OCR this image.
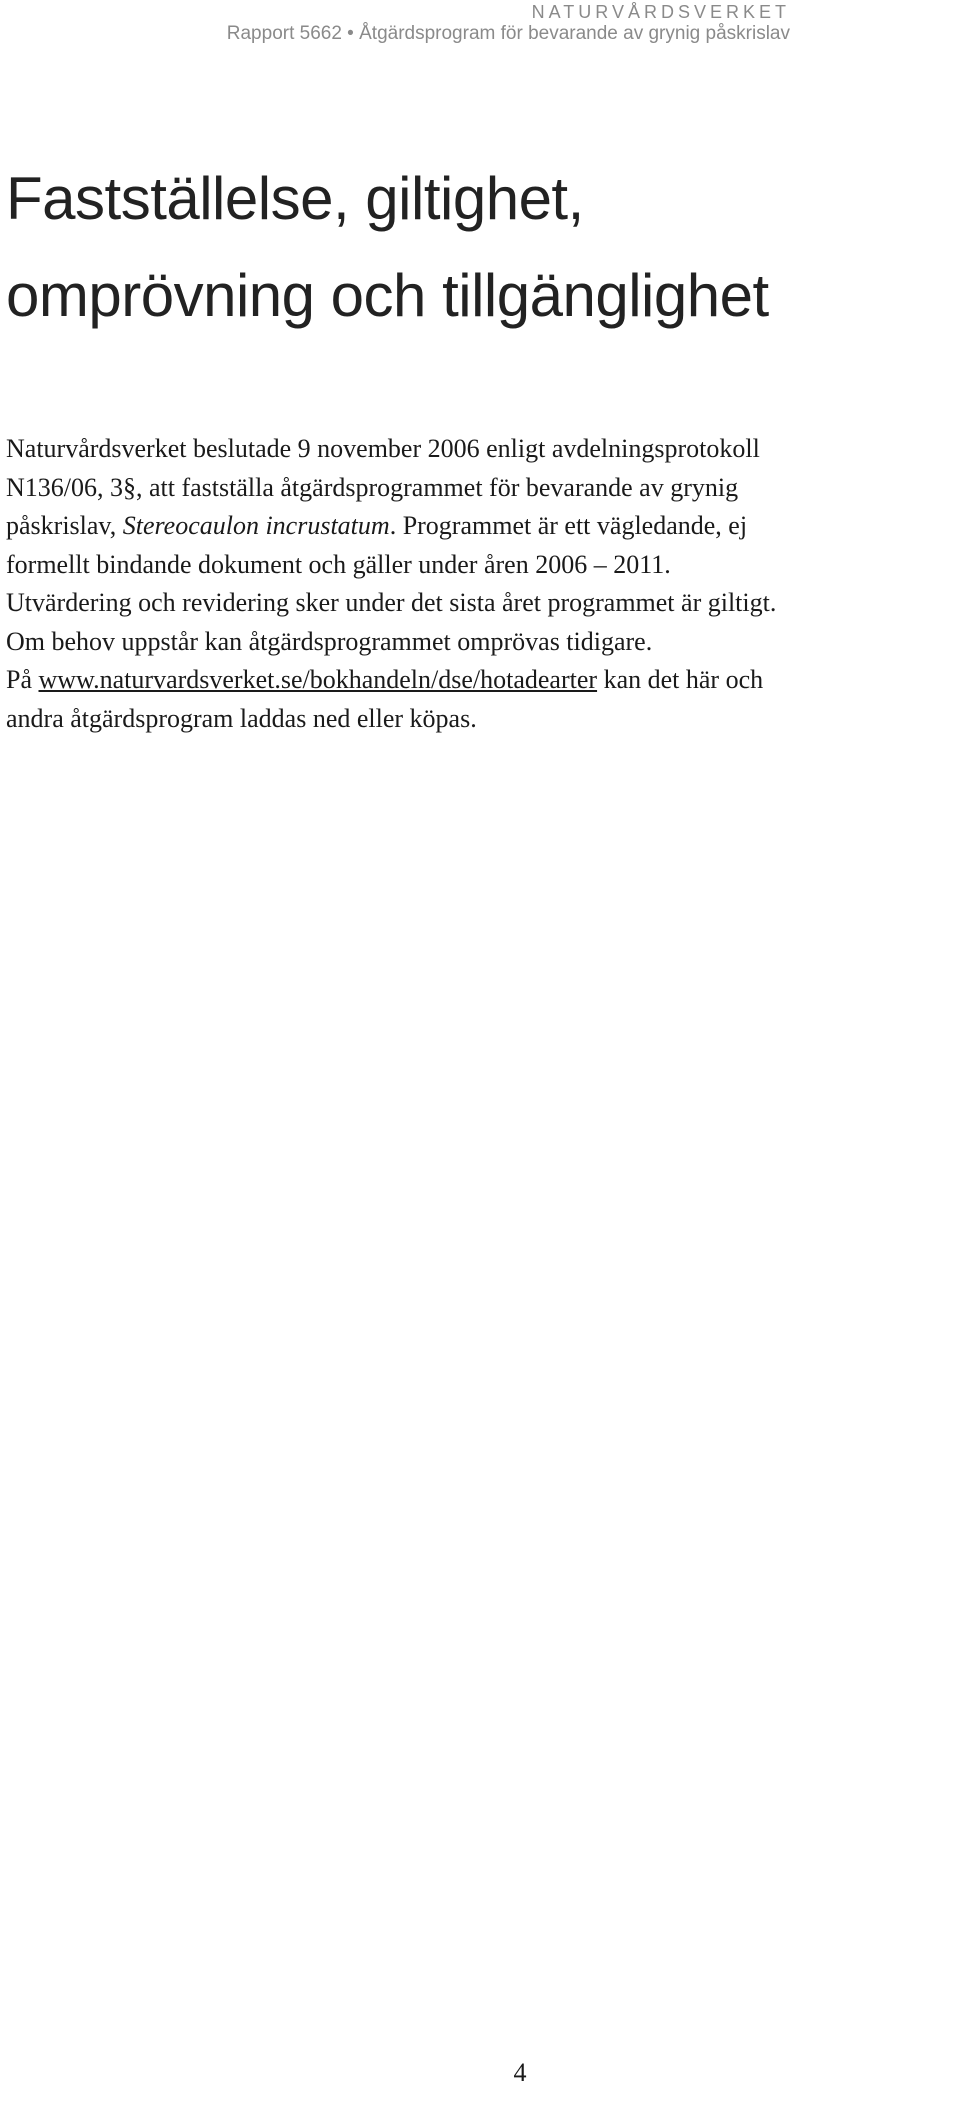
NATURVÅRDSVERKET
Rapport 5662 • Åtgärdsprogram för bevarande av grynig påskrislav
Fastställelse, giltighet,
omprövning och tillgänglighet

Naturvårdsverket beslutade 9 november 2006 enligt avdelningsprotokoll
N136/06, 3§, att fastställa åtgärdsprogrammet för bevarande av grynig
påskrislav, Stereocaulon incrustatum. Programmet är ett vägledande, ej
formellt bindande dokument och gäller under åren 2006 – 2011.
Utvärdering och revidering sker under det sista året programmet är giltigt.
Om behov uppstår kan åtgärdsprogrammet omprövas tidigare.
På www.naturvardsverket.se/bokhandeln/dse/hotadearter kan det här och
andra åtgärdsprogram laddas ned eller köpas.

4
